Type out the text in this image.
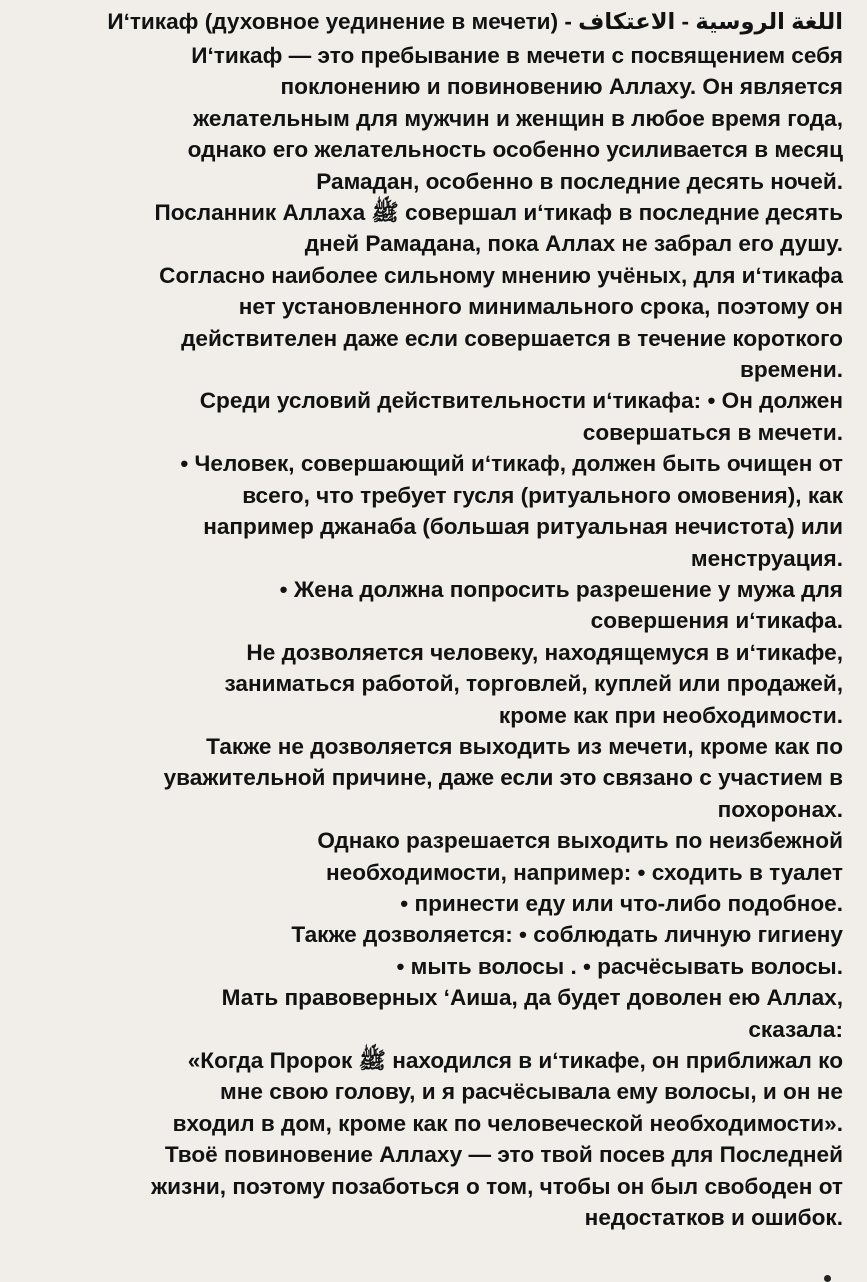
Иʻтикаф (духовное уединение в мечети) - اللغة الروسية - الاعتكاف

Иʻтикаф — это пребывание в мечети с посвящением себя
поклонению и повиновению Аллаху. Он является
желательным для мужчин и женщин в любое время года,
однако его желательность особенно усиливается в месяц
Рамадан, особенно в последние десять ночей.

Посланник Аллаха ﷺ совершал иʻтикаф в последние десять
дней Рамадана, пока Аллах не забрал его душу.

Согласно наиболее сильному мнению учёных, для иʻтикафа
нет установленного минимального срока, поэтому он
действителен даже если совершается в течение короткого
времени.

Среди условий действительности иʻтикафа: • Он должен
совершаться в мечети.

• Человек, совершающий иʻтикаф, должен быть очищен от
всего, что требует гусля (ритуального омовения), как
например джанаба (большая ритуальная нечистота) или
менструация.

• Жена должна попросить разрешение у мужа для
совершения иʻтикафа.

Не дозволяется человеку, находящемуся в иʻтикафе,
заниматься работой, торговлей, куплей или продажей,
кроме как при необходимости.

Также не дозволяется выходить из мечети, кроме как по
уважительной причине, даже если это связано с участием в
похоронах.

Однако разрешается выходить по неизбежной
необходимости, например: • сходить в туалет
• принести еду или что-либо подобное.

Также дозволяется: • соблюдать личную гигиену
• мыть волосы . • расчёсывать волосы.

Мать правоверных ʻАиша, да будет доволен ею Аллах,
сказала:

«Когда Пророк ﷺ находился в иʻтикафе, он приближал ко
мне свою голову, и я расчёсывала ему волосы, и он не
входил в дом, кроме как по человеческой необходимости».

Твоё повиновение Аллаху — это твой посев для Последней
жизни, поэтому позаботься о том, чтобы он был свободен от
недостатков и ошибок.
